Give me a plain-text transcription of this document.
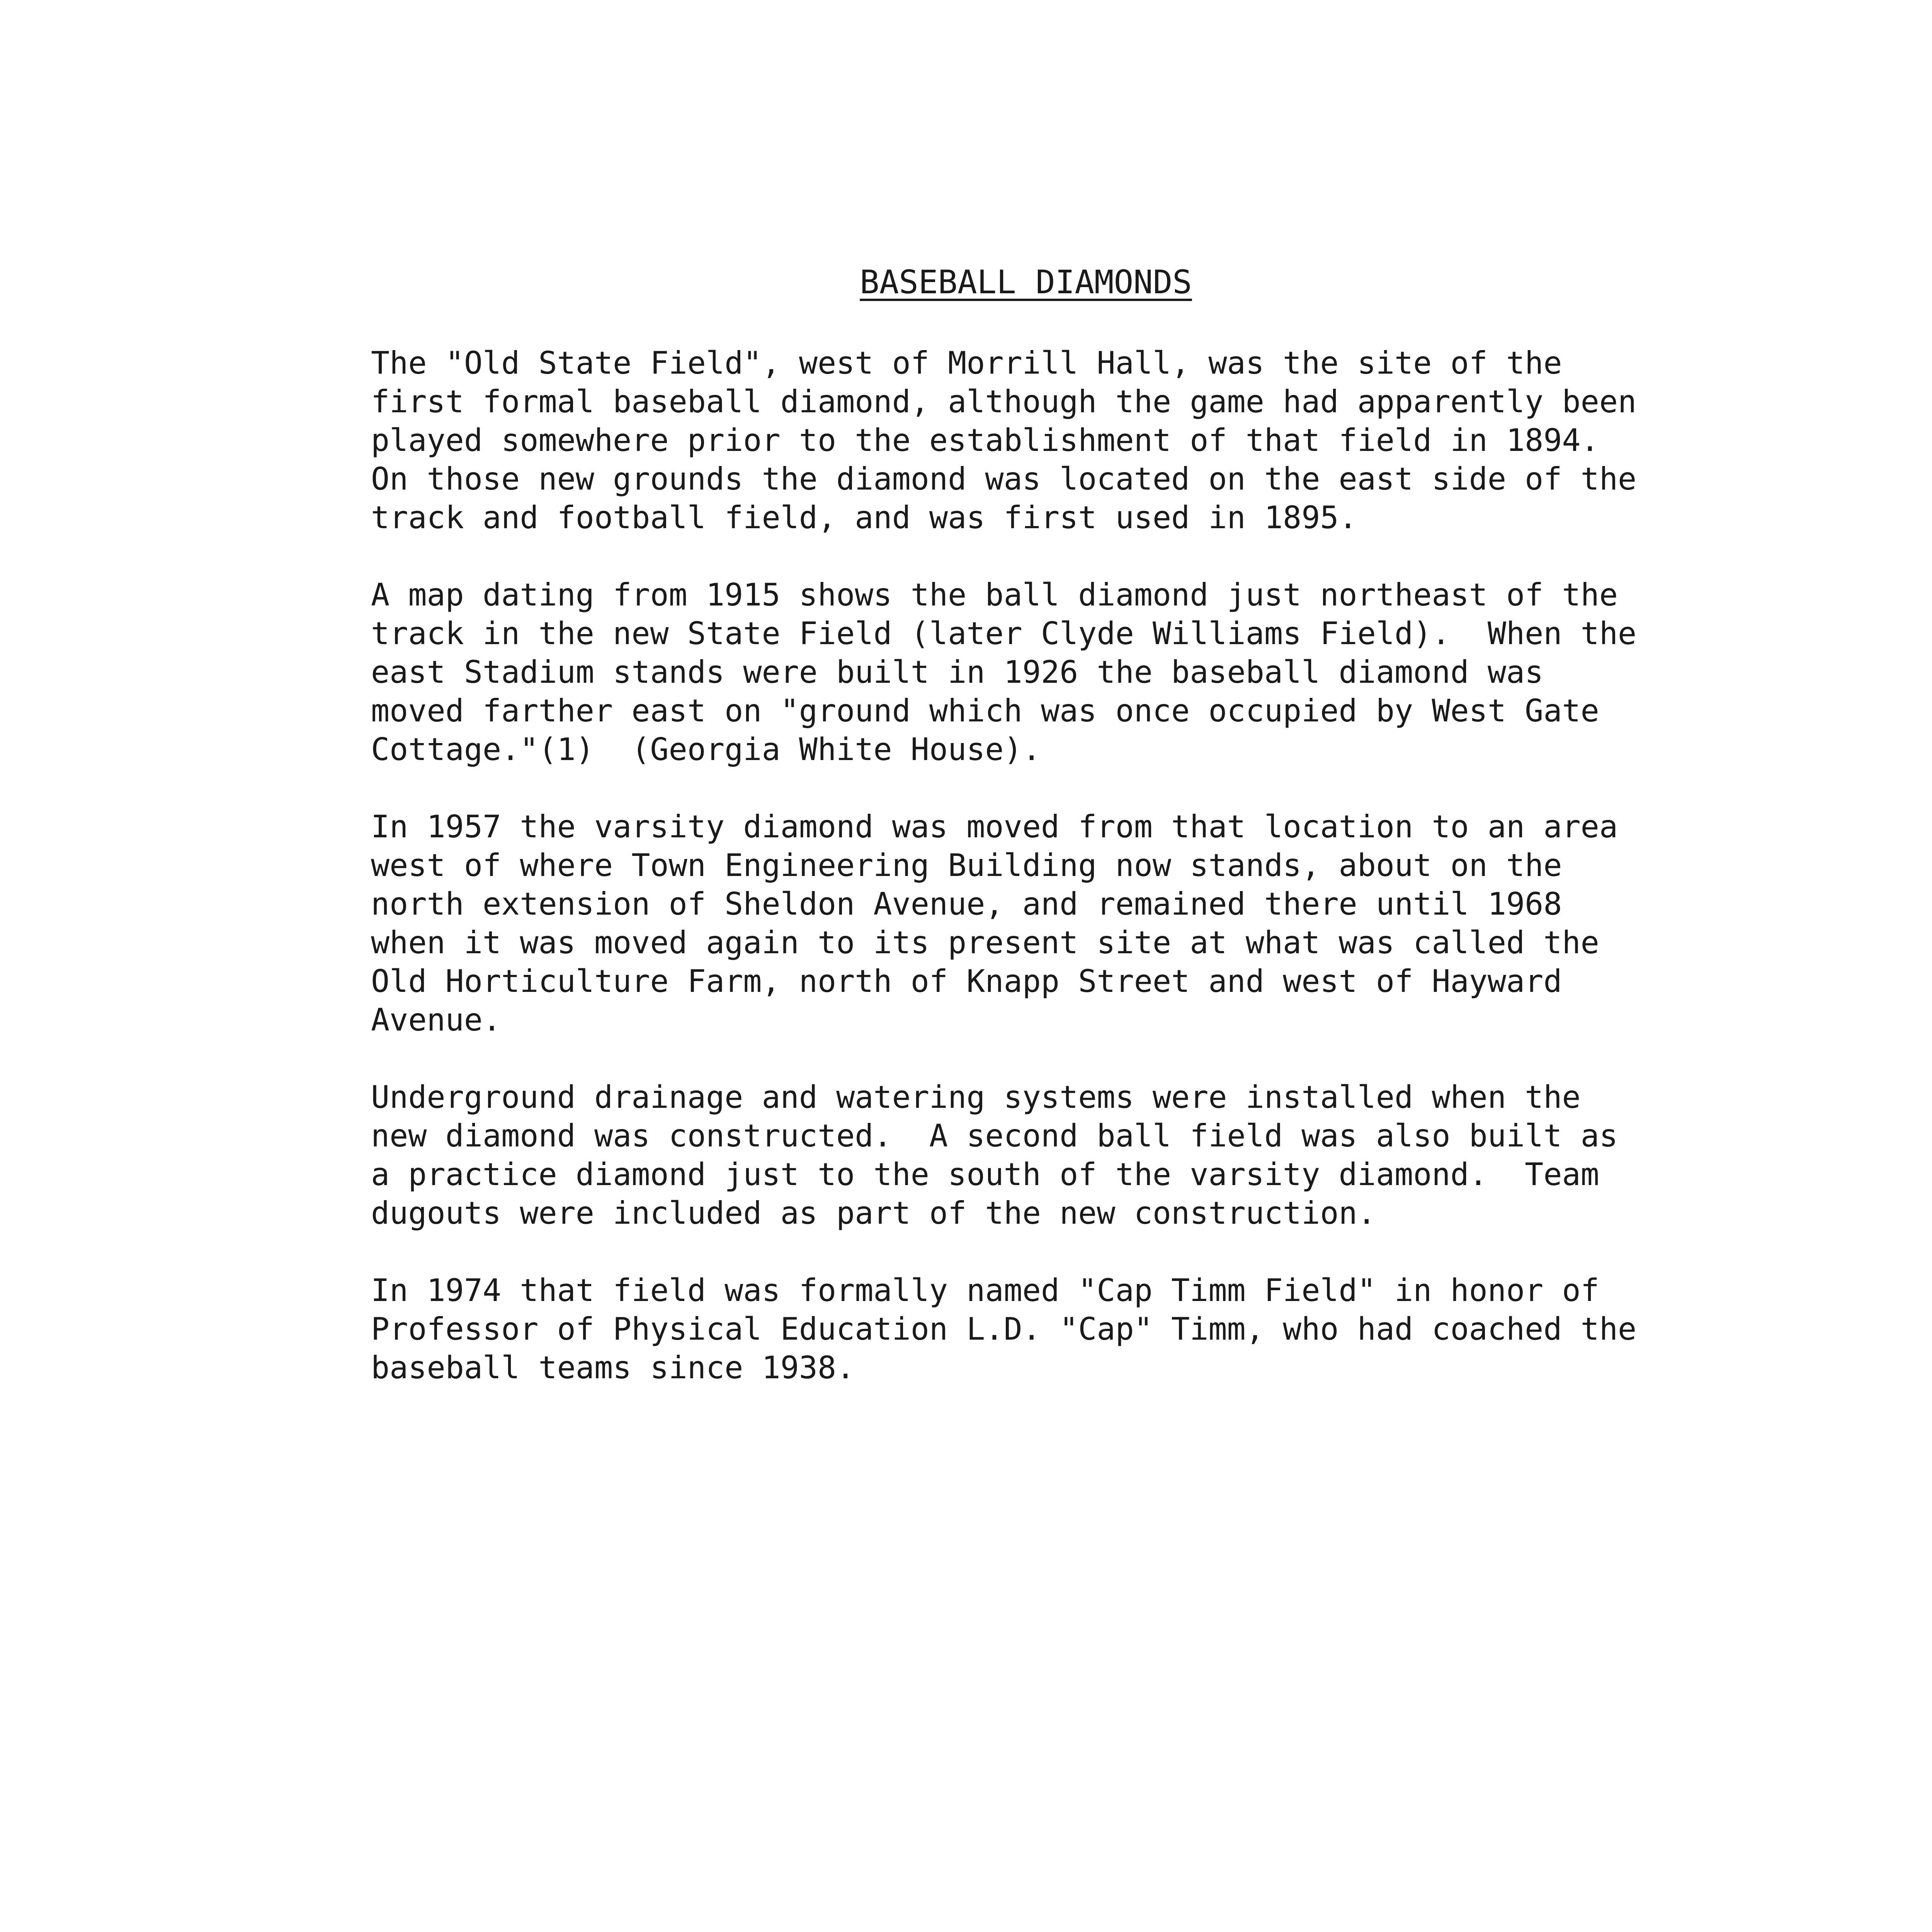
BASEBALL DIAMONDS

The "Old State Field", west of Morrill Hall, was the site of the
first formal baseball diamond, although the game had apparently been
played somewhere prior to the establishment of that field in 1894.
On those new grounds the diamond was located on the east side of the
track and football field, and was first used in 1895.

A map dating from 1915 shows the ball diamond just northeast of the
track in the new State Field (later Clyde Williams Field).  When the
east Stadium stands were built in 1926 the baseball diamond was
moved farther east on "ground which was once occupied by West Gate
Cottage."(1)  (Georgia White House).

In 1957 the varsity diamond was moved from that location to an area
west of where Town Engineering Building now stands, about on the
north extension of Sheldon Avenue, and remained there until 1968
when it was moved again to its present site at what was called the
Old Horticulture Farm, north of Knapp Street and west of Hayward
Avenue.

Underground drainage and watering systems were installed when the
new diamond was constructed.  A second ball field was also built as
a practice diamond just to the south of the varsity diamond.  Team
dugouts were included as part of the new construction.

In 1974 that field was formally named "Cap Timm Field" in honor of
Professor of Physical Education L.D. "Cap" Timm, who had coached the
baseball teams since 1938.
